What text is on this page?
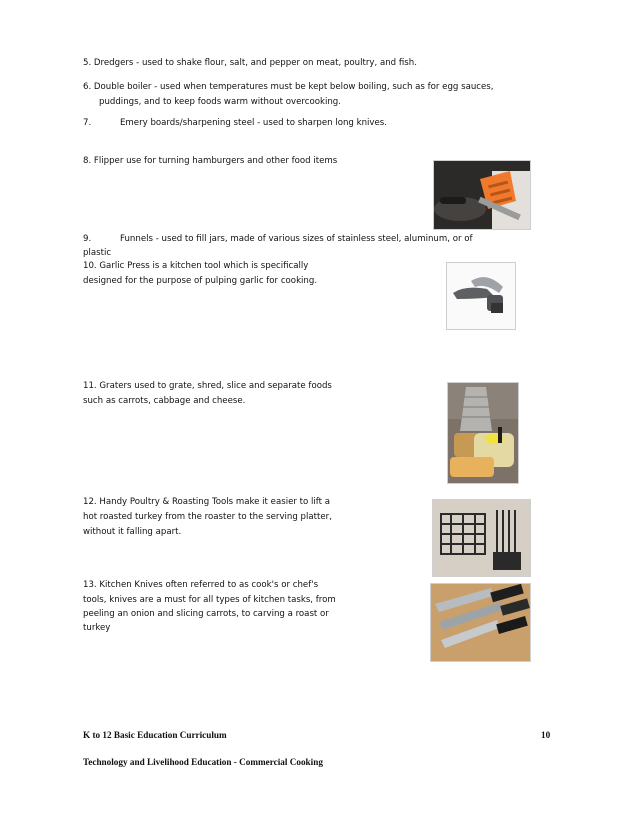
5. Dredgers - used to shake flour, salt, and pepper on meat, poultry, and fish.
6. Double boiler - used when temperatures must be kept below boiling, such as for egg sauces,
puddings, and to keep foods warm without overcooking.
7.	Emery boards/sharpening steel - used to sharpen long knives.
8. Flipper use for turning hamburgers and other food items
9.	Funnels - used to fill jars, made of various sizes of stainless steel, aluminum, or of
plastic
10. Garlic Press is a kitchen tool which is specifically
designed for the purpose of pulping garlic for cooking.
11. Graters used to grate, shred, slice and separate foods
such as carrots, cabbage and cheese.
12. Handy Poultry & Roasting Tools make it easier to lift a
hot roasted turkey from the roaster to the serving platter,
without it falling apart.
13. Kitchen Knives often referred to as cook's or chef's
tools, knives are a must for all types of kitchen tasks, from
peeling an onion and slicing carrots, to carving a roast or
turkey
K to 12 Basic Education Curriculum	10
Technology and Livelihood Education - Commercial Cooking
